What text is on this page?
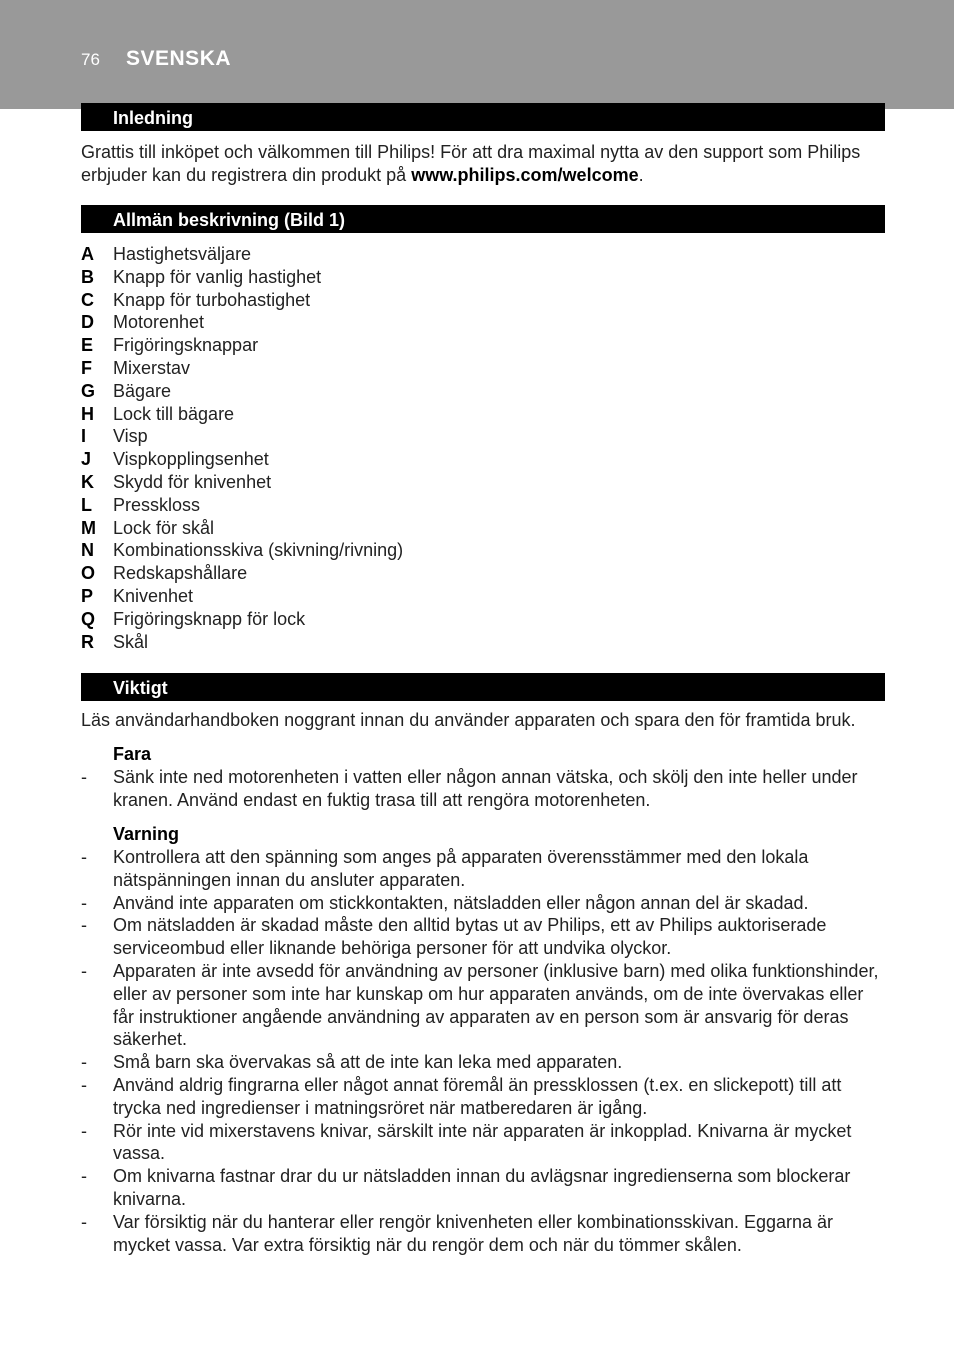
76 SVENSKA
Inledning

Grattis till inköpet och välkommen till Philips! För att dra maximal nytta av den support som Philips erbjuder kan du registrera din produkt på www.philips.com/welcome.

Allmän beskrivning (Bild 1)
A	Hastighetsväljare
B	Knapp för vanlig hastighet
C	Knapp för turbohastighet
D	Motorenhet
E	Frigöringsknappar
F	Mixerstav
G Bägare
H	Lock till bägare
I	Visp
J	Vispkopplingsenhet
K	Skydd för knivenhet
L	Presskloss
M Lock för skål
N	Kombinationsskiva (skivning/rivning)
O Redskapshållare
P	Knivenhet
Q Frigöringsknapp för lock
R	Skål
Viktigt

Läs användarhandboken noggrant innan du använder apparaten och spara den för framtida bruk.

Fara
-	Sänk inte ned motorenheten i vatten eller någon annan vätska, och skölj den inte heller under kranen. Använd endast en fuktig trasa till att rengöra motorenheten.
Varning
-	Kontrollera att den spänning som anges på apparaten överensstämmer med den lokala nätspänningen innan du ansluter apparaten.
-	Använd inte apparaten om stickkontakten, nätsladden eller någon annan del är skadad.
-	Om nätsladden är skadad måste den alltid bytas ut av Philips, ett av Philips auktoriserade serviceombud eller liknande behöriga personer för att undvika olyckor.
-	Apparaten är inte avsedd för användning av personer (inklusive barn) med olika funktionshinder, eller av personer som inte har kunskap om hur apparaten används, om de inte övervakas eller får instruktioner angående användning av apparaten av en person som är ansvarig för deras säkerhet.
-	Små barn ska övervakas så att de inte kan leka med apparaten.
-	Använd aldrig fingrarna eller något annat föremål än pressklossen (t.ex. en slickepott) till att trycka ned ingredienser i matningsröret när matberedaren är igång.
-	Rör inte vid mixerstavens knivar, särskilt inte när apparaten är inkopplad. Knivarna är mycket vassa.
-	Om knivarna fastnar drar du ur nätsladden innan du avlägsnar ingredienserna som blockerar knivarna.
-	Var försiktig när du hanterar eller rengör knivenheten eller kombinationsskivan. Eggarna är mycket vassa. Var extra försiktig när du rengör dem och när du tömmer skålen.
